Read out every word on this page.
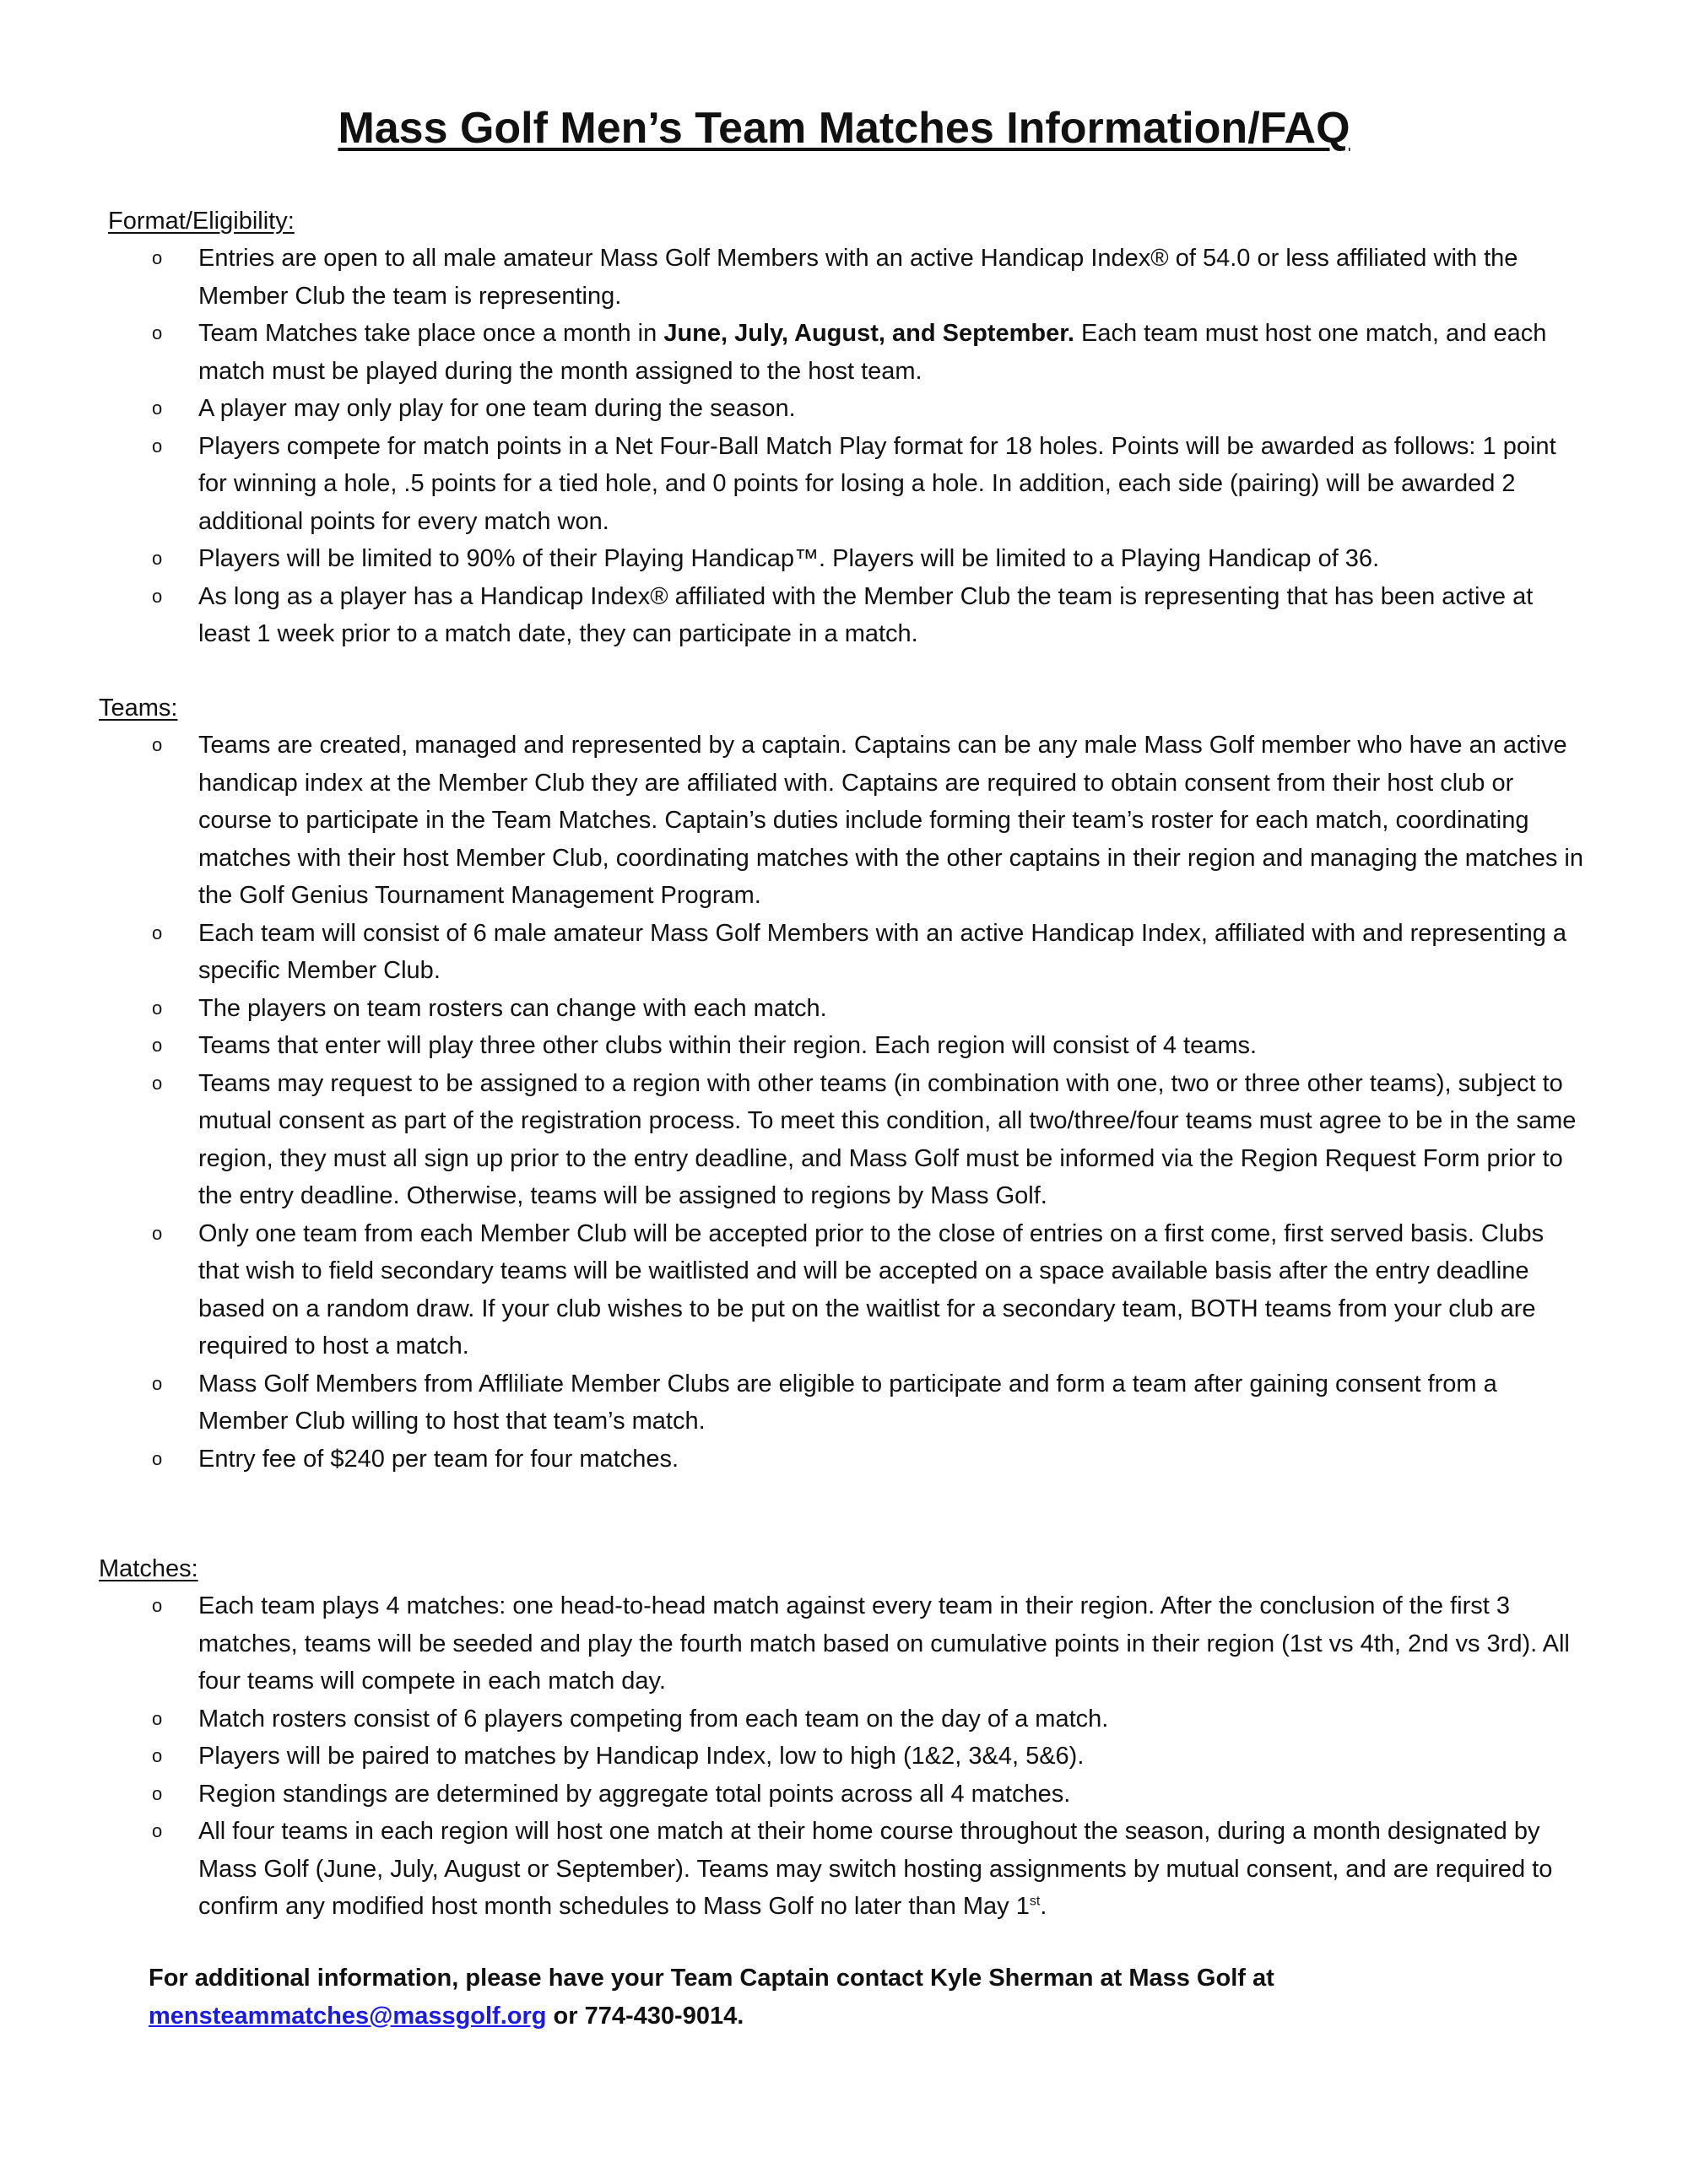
Mass Golf Men’s Team Matches Information/FAQ
Format/Eligibility:
o Entries are open to all male amateur Mass Golf Members with an active Handicap Index® of 54.0 or less affiliated with the Member Club the team is representing.
o Team Matches take place once a month in June, July, August, and September. Each team must host one match, and each match must be played during the month assigned to the host team.
o A player may only play for one team during the season.
o Players compete for match points in a Net Four-Ball Match Play format for 18 holes. Points will be awarded as follows: 1 point for winning a hole, .5 points for a tied hole, and 0 points for losing a hole. In addition, each side (pairing) will be awarded 2 additional points for every match won.
o Players will be limited to 90% of their Playing Handicap™. Players will be limited to a Playing Handicap of 36.
o As long as a player has a Handicap Index® affiliated with the Member Club the team is representing that has been active at least 1 week prior to a match date, they can participate in a match.
Teams:
o Teams are created, managed and represented by a captain. Captains can be any male Mass Golf member who have an active handicap index at the Member Club they are affiliated with. Captains are required to obtain consent from their host club or course to participate in the Team Matches. Captain’s duties include forming their team’s roster for each match, coordinating matches with their host Member Club, coordinating matches with the other captains in their region and managing the matches in the Golf Genius Tournament Management Program.
o Each team will consist of 6 male amateur Mass Golf Members with an active Handicap Index, affiliated with and representing a specific Member Club.
o The players on team rosters can change with each match.
o Teams that enter will play three other clubs within their region. Each region will consist of 4 teams.
o Teams may request to be assigned to a region with other teams (in combination with one, two or three other teams), subject to mutual consent as part of the registration process. To meet this condition, all two/three/four teams must agree to be in the same region, they must all sign up prior to the entry deadline, and Mass Golf must be informed via the Region Request Form prior to the entry deadline. Otherwise, teams will be assigned to regions by Mass Golf.
o Only one team from each Member Club will be accepted prior to the close of entries on a first come, first served basis. Clubs that wish to field secondary teams will be waitlisted and will be accepted on a space available basis after the entry deadline based on a random draw. If your club wishes to be put on the waitlist for a secondary team, BOTH teams from your club are required to host a match.
o Mass Golf Members from Affliliate Member Clubs are eligible to participate and form a team after gaining consent from a Member Club willing to host that team’s match.
o Entry fee of $240 per team for four matches.
Matches:
o Each team plays 4 matches: one head-to-head match against every team in their region. After the conclusion of the first 3 matches, teams will be seeded and play the fourth match based on cumulative points in their region (1st vs 4th, 2nd vs 3rd). All four teams will compete in each match day.
o Match rosters consist of 6 players competing from each team on the day of a match.
o Players will be paired to matches by Handicap Index, low to high (1&2, 3&4, 5&6).
o Region standings are determined by aggregate total points across all 4 matches.
o All four teams in each region will host one match at their home course throughout the season, during a month designated by Mass Golf (June, July, August or September). Teams may switch hosting assignments by mutual consent, and are required to confirm any modified host month schedules to Mass Golf no later than May 1st.
For additional information, please have your Team Captain contact Kyle Sherman at Mass Golf at
mensteammatches@massgolf.org or 774-430-9014.
